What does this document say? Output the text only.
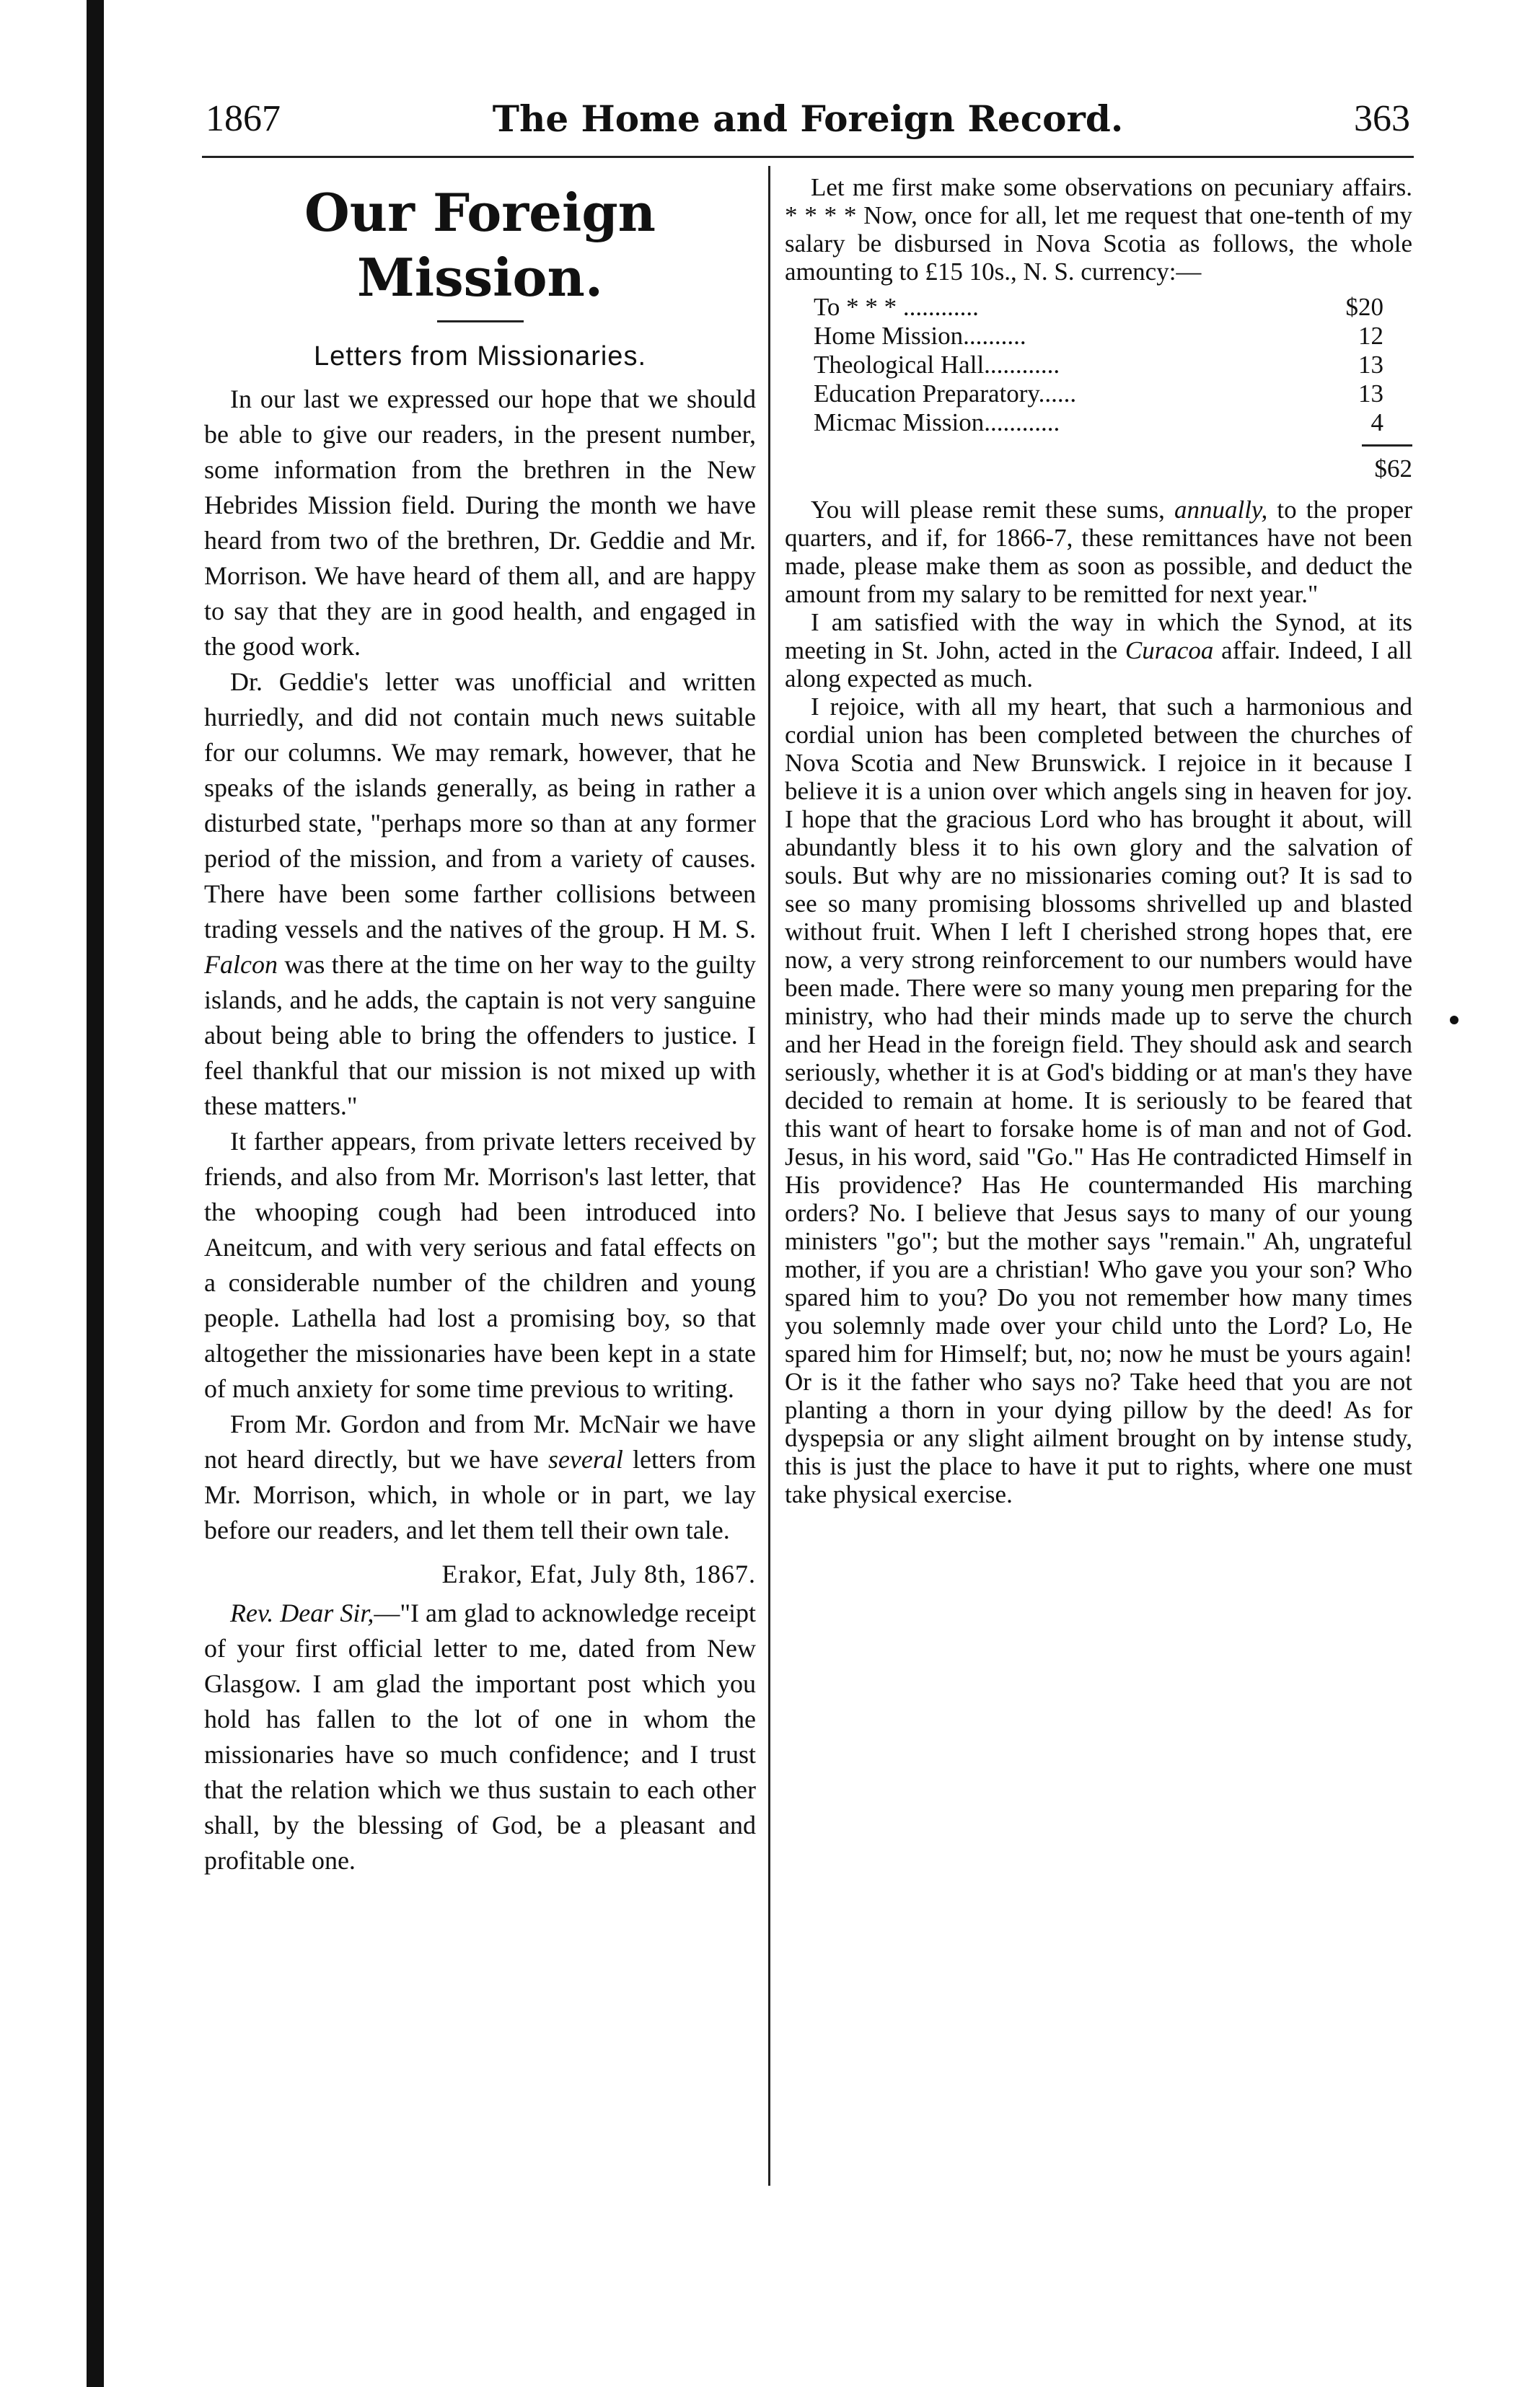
1867	The Home and Foreign Record.	363
Our Foreign Mission.
Letters from Missionaries.

In our last we expressed our hope that we should be able to give our readers, in the present number, some information from the brethren in the New Hebrides Mission field. During the month we have heard from two of the brethren, Dr. Geddie and Mr. Morrison. We have heard of them all, and are happy to say that they are in good health, and engaged in the good work.

Dr. Geddie's letter was unofficial and written hurriedly, and did not contain much news suitable for our columns. We may remark, however, that he speaks of the islands generally, as being in rather a disturbed state, "perhaps more so than at any former period of the mission, and from a variety of causes. There have been some farther collisions between trading vessels and the natives of the group. H M. S. Falcon was there at the time on her way to the guilty islands, and he adds, the captain is not very sanguine about being able to bring the offenders to justice. I feel thankful that our mission is not mixed up with these matters."

It farther appears, from private letters received by friends, and also from Mr. Morrison's last letter, that the whooping cough had been introduced into Aneitcum, and with very serious and fatal effects on a considerable number of the children and young people. Lathella had lost a promising boy, so that altogether the missionaries have been kept in a state of much anxiety for some time previous to writing.

From Mr. Gordon and from Mr. McNair we have not heard directly, but we have several letters from Mr. Morrison, which, in whole or in part, we lay before our readers, and let them tell their own tale.

Erakor, Efat, July 8th, 1867.

Rev. Dear Sir,—"I am glad to acknowledge receipt of your first official letter to me, dated from New Glasgow. I am glad the important post which you hold has fallen to the lot of one in whom the missionaries have so much confidence; and I trust that the relation which we thus sustain to each other shall, by the blessing of God, be a pleasant and profitable one.

Let me first make some observations on pecuniary affairs. * * * * Now, once for all, let me request that one-tenth of my salary be disbursed in Nova Scotia as follows, the whole amounting to £15 10s., N. S. currency:—

To * * * ............	$20
Home Mission..........	12
Theological Hall............	13
Education Preparatory......	13
Micmac Mission............	4
$62

You will please remit these sums, annually, to the proper quarters, and if, for 1866-7, these remittances have not been made, please make them as soon as possible, and deduct the amount from my salary to be remitted for next year."

I am satisfied with the way in which the Synod, at its meeting in St. John, acted in the Curacoa affair. Indeed, I all along expected as much.

I rejoice, with all my heart, that such a harmonious and cordial union has been completed between the churches of Nova Scotia and New Brunswick. I rejoice in it because I believe it is a union over which angels sing in heaven for joy. I hope that the gracious Lord who has brought it about, will abundantly bless it to his own glory and the salvation of souls. But why are no missionaries coming out? It is sad to see so many promising blossoms shrivelled up and blasted without fruit. When I left I cherished strong hopes that, ere now, a very strong reinforcement to our numbers would have been made. There were so many young men preparing for the ministry, who had their minds made up to serve the church and her Head in the foreign field. They should ask and search seriously, whether it is at God's bidding or at man's they have decided to remain at home. It is seriously to be feared that this want of heart to forsake home is of man and not of God. Jesus, in his word, said "Go." Has He contradicted Himself in His providence? Has He countermanded His marching orders? No. I believe that Jesus says to many of our young ministers "go"; but the mother says "remain." Ah, ungrateful mother, if you are a christian! Who gave you your son? Who spared him to you? Do you not remember how many times you solemnly made over your child unto the Lord? Lo, He spared him for Himself; but, no; now he must be yours again! Or is it the father who says no? Take heed that you are not planting a thorn in your dying pillow by the deed! As for dyspepsia or any slight ailment brought on by intense study, this is just the place to have it put to rights, where one must take physical exercise.
